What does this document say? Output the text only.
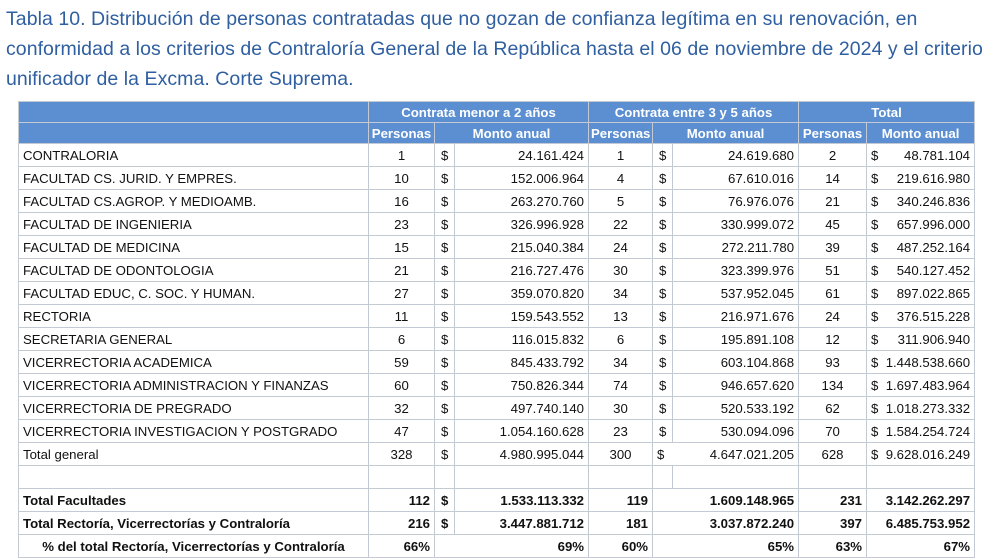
Tabla 10. Distribución de personas contratadas que no gozan de confianza legítima en su renovación, en conformidad a los criterios de Contraloría General de la República hasta el 06 de noviembre de 2024 y el criterio unificador de la Excma. Corte Suprema.
	Contrata menor a 2 años			Contrata entre 3 y 5 años			Total	
	Personas	Monto anual		Personas	Monto anual		Personas	Monto anual
CONTRALORIA	1	$	24.161.424	1	$	24.619.680	2	$ 48.781.104

FACULTAD CS. JURID. Y EMPRES.	10	$	152.006.964	4	$	67.610.016	14	$ 219.616.980

FACULTAD CS.AGROP. Y MEDIOAMB.	16	$	263.270.760	5	$	76.976.076	21	$ 340.246.836

FACULTAD DE INGENIERIA	23	$	326.996.928	22	$	330.999.072	45	$ 657.996.000

FACULTAD DE MEDICINA	15	$	215.040.384	24	$	272.211.780	39	$ 487.252.164

FACULTAD DE ODONTOLOGIA	21	$	216.727.476	30	$	323.399.976	51	$ 540.127.452

FACULTAD EDUC, C. SOC. Y HUMAN.	27	$	359.070.820	34	$	537.952.045	61	$ 897.022.865

RECTORIA	11	$	159.543.552	13	$	216.971.676	24	$ 376.515.228

SECRETARIA GENERAL	6	$	116.015.832	6	$	195.891.108	12	$ 311.906.940

VICERRECTORIA ACADEMICA	59	$	845.433.792	34	$	603.104.868	93	$ 1.448.538.660

VICERRECTORIA ADMINISTRACION Y FINANZAS	60	$	750.826.344	74	$	946.657.620	134	$ 1.697.483.964

VICERRECTORIA DE PREGRADO	32	$	497.740.140	30	$	520.533.192	62	$ 1.018.273.332

VICERRECTORIA INVESTIGACION Y POSTGRADO	47	$	1.054.160.628	23	$	530.094.096	70	$ 1.584.254.724

Total general	328	$	4.980.995.044	300	$ 4.647.021.205		628	$ 9.628.016.249

Total Facultades	112	$	1.533.113.332	119	1.609.148.965		231	3.142.262.297
Total Rectoría, Vicerrectorías y Contraloría	216	$	3.447.881.712	181	3.037.872.240		397	6.485.753.952
% del total Rectoría, Vicerrectorías y Contraloría	66%	69%		60%	65%		63%	67%
